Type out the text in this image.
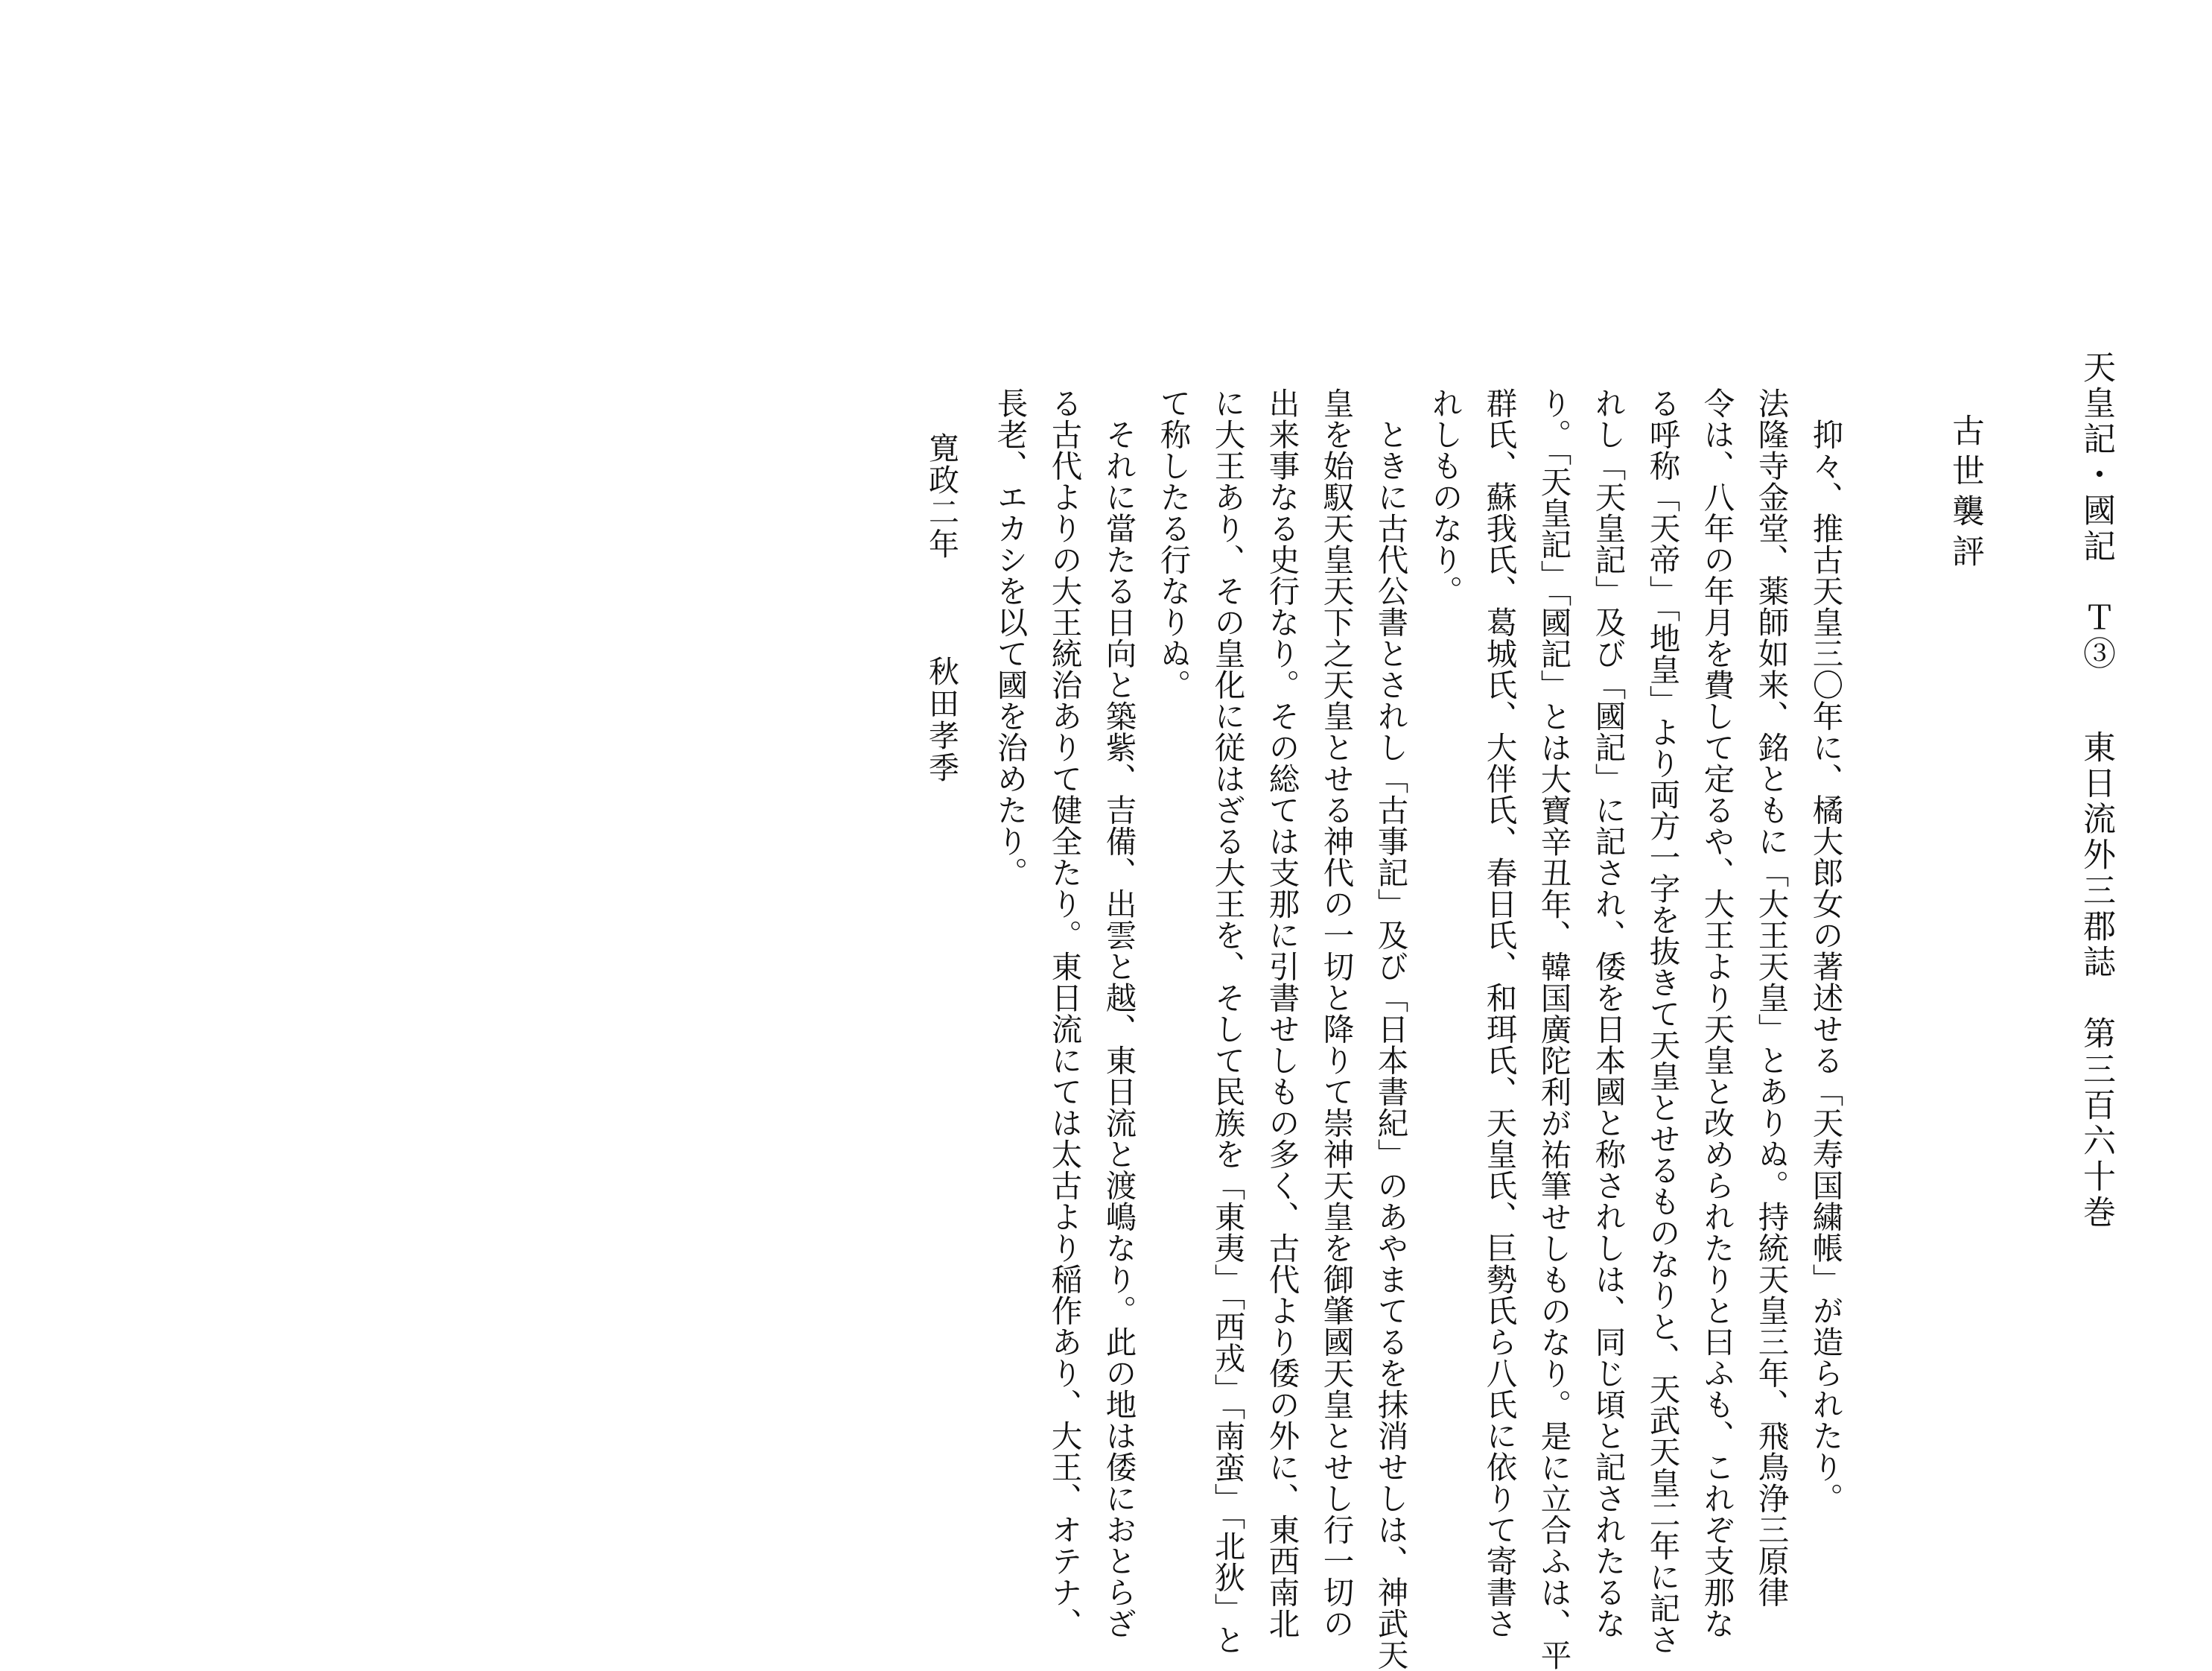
天皇記・國記　Ｔ③
東日流外三郡誌　第三百六十巻
古世襲評
　抑々、推古天皇三〇年に、橘大郎女の著述せる「天寿国繍帳」が造られたり。
法隆寺金堂、薬師如来、銘ともに「大王天皇」とありぬ。持統天皇三年、飛鳥浄三原律
令は、八年の年月を費して定るや、大王より天皇と改められたりと曰ふも、これぞ支那な
る呼称「天帝」「地皇」より両方一字を抜きて天皇とせるものなりと、天武天皇二年に記さ
れし「天皇記」及び「國記」に記され、倭を日本國と称されしは、同じ頃と記されたるな
り。「天皇記」「國記」とは大寶辛丑年、韓国廣陀利が祐筆せしものなり。是に立合ふは、平
群氏、蘇我氏、葛城氏、大伴氏、春日氏、和珥氏、天皇氏、巨勢氏ら八氏に依りて寄書さ
れしものなり。
　ときに古代公書とされし「古事記」及び「日本書紀」のあやまてるを抹消せしは、神武天
皇を始馭天皇天下之天皇とせる神代の一切と降りて崇神天皇を御肇國天皇とせし行一切の
出来事なる史行なり。その総ては支那に引書せしもの多く、古代より倭の外に、東西南北
に大王あり、その皇化に従はざる大王を、そして民族を「東夷」「西戎」「南蛮」「北狄」と
て称したる行なりぬ。
　それに當たる日向と築紫、吉備、出雲と越、東日流と渡嶋なり。此の地は倭におとらざ
る古代よりの大王統治ありて健全たり。東日流にては太古より稲作あり、大王、オテナ、
長老、エカシを以て國を治めたり。
寛政二年
秋田孝季
